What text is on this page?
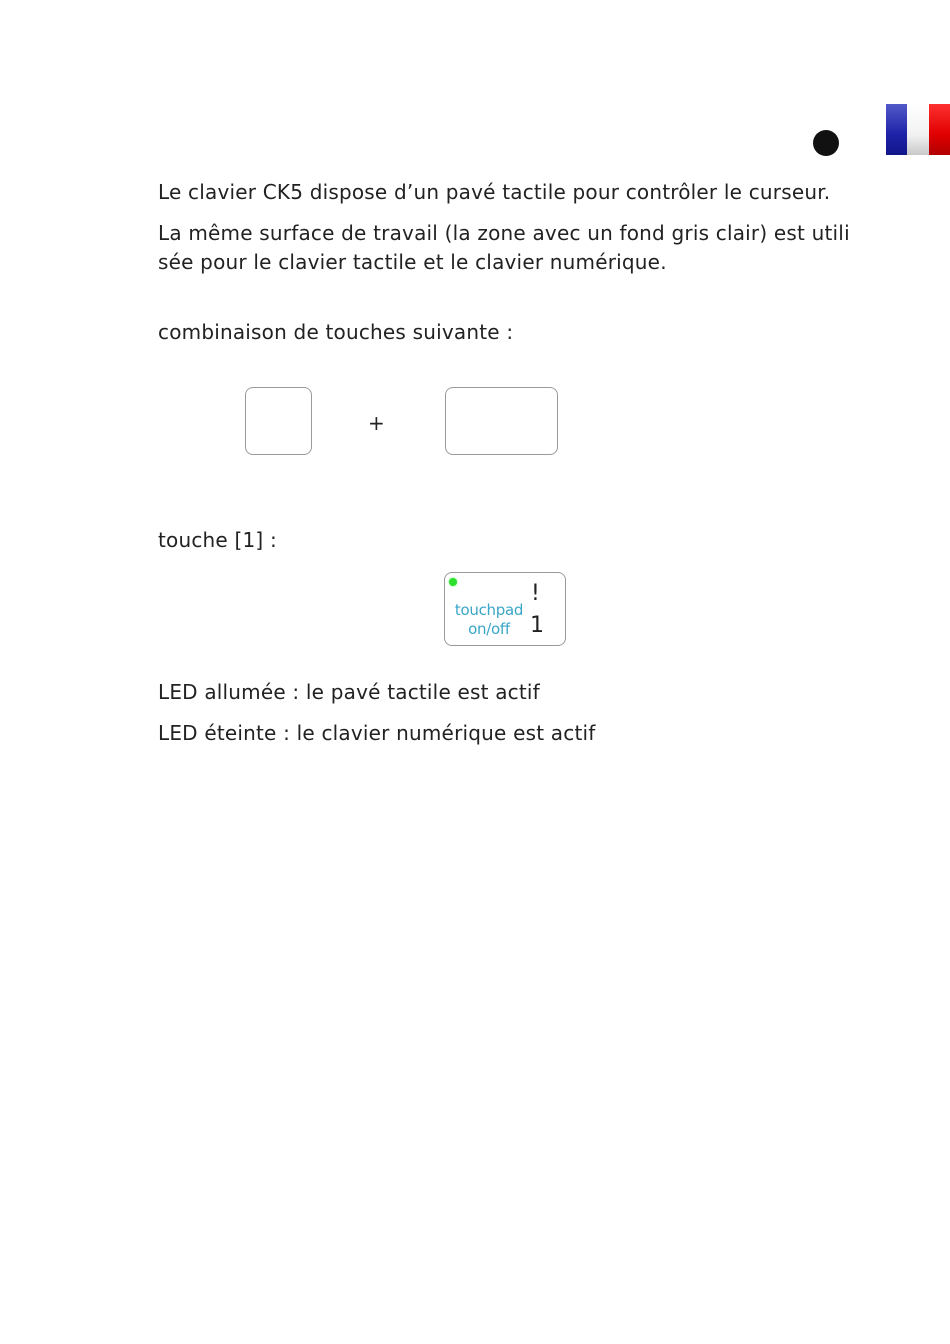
Le clavier CK5 dispose d’un pavé tactile pour contrôler le curseur.

La même surface de travail (la zone avec un fond gris clair) est utili

sée pour le clavier tactile et le clavier numérique.

combinaison de touches suivante :

+

touche [1] :

touchpad
on/off
!
1

LED allumée : le pavé tactile est actif

LED éteinte : le clavier numérique est actif
